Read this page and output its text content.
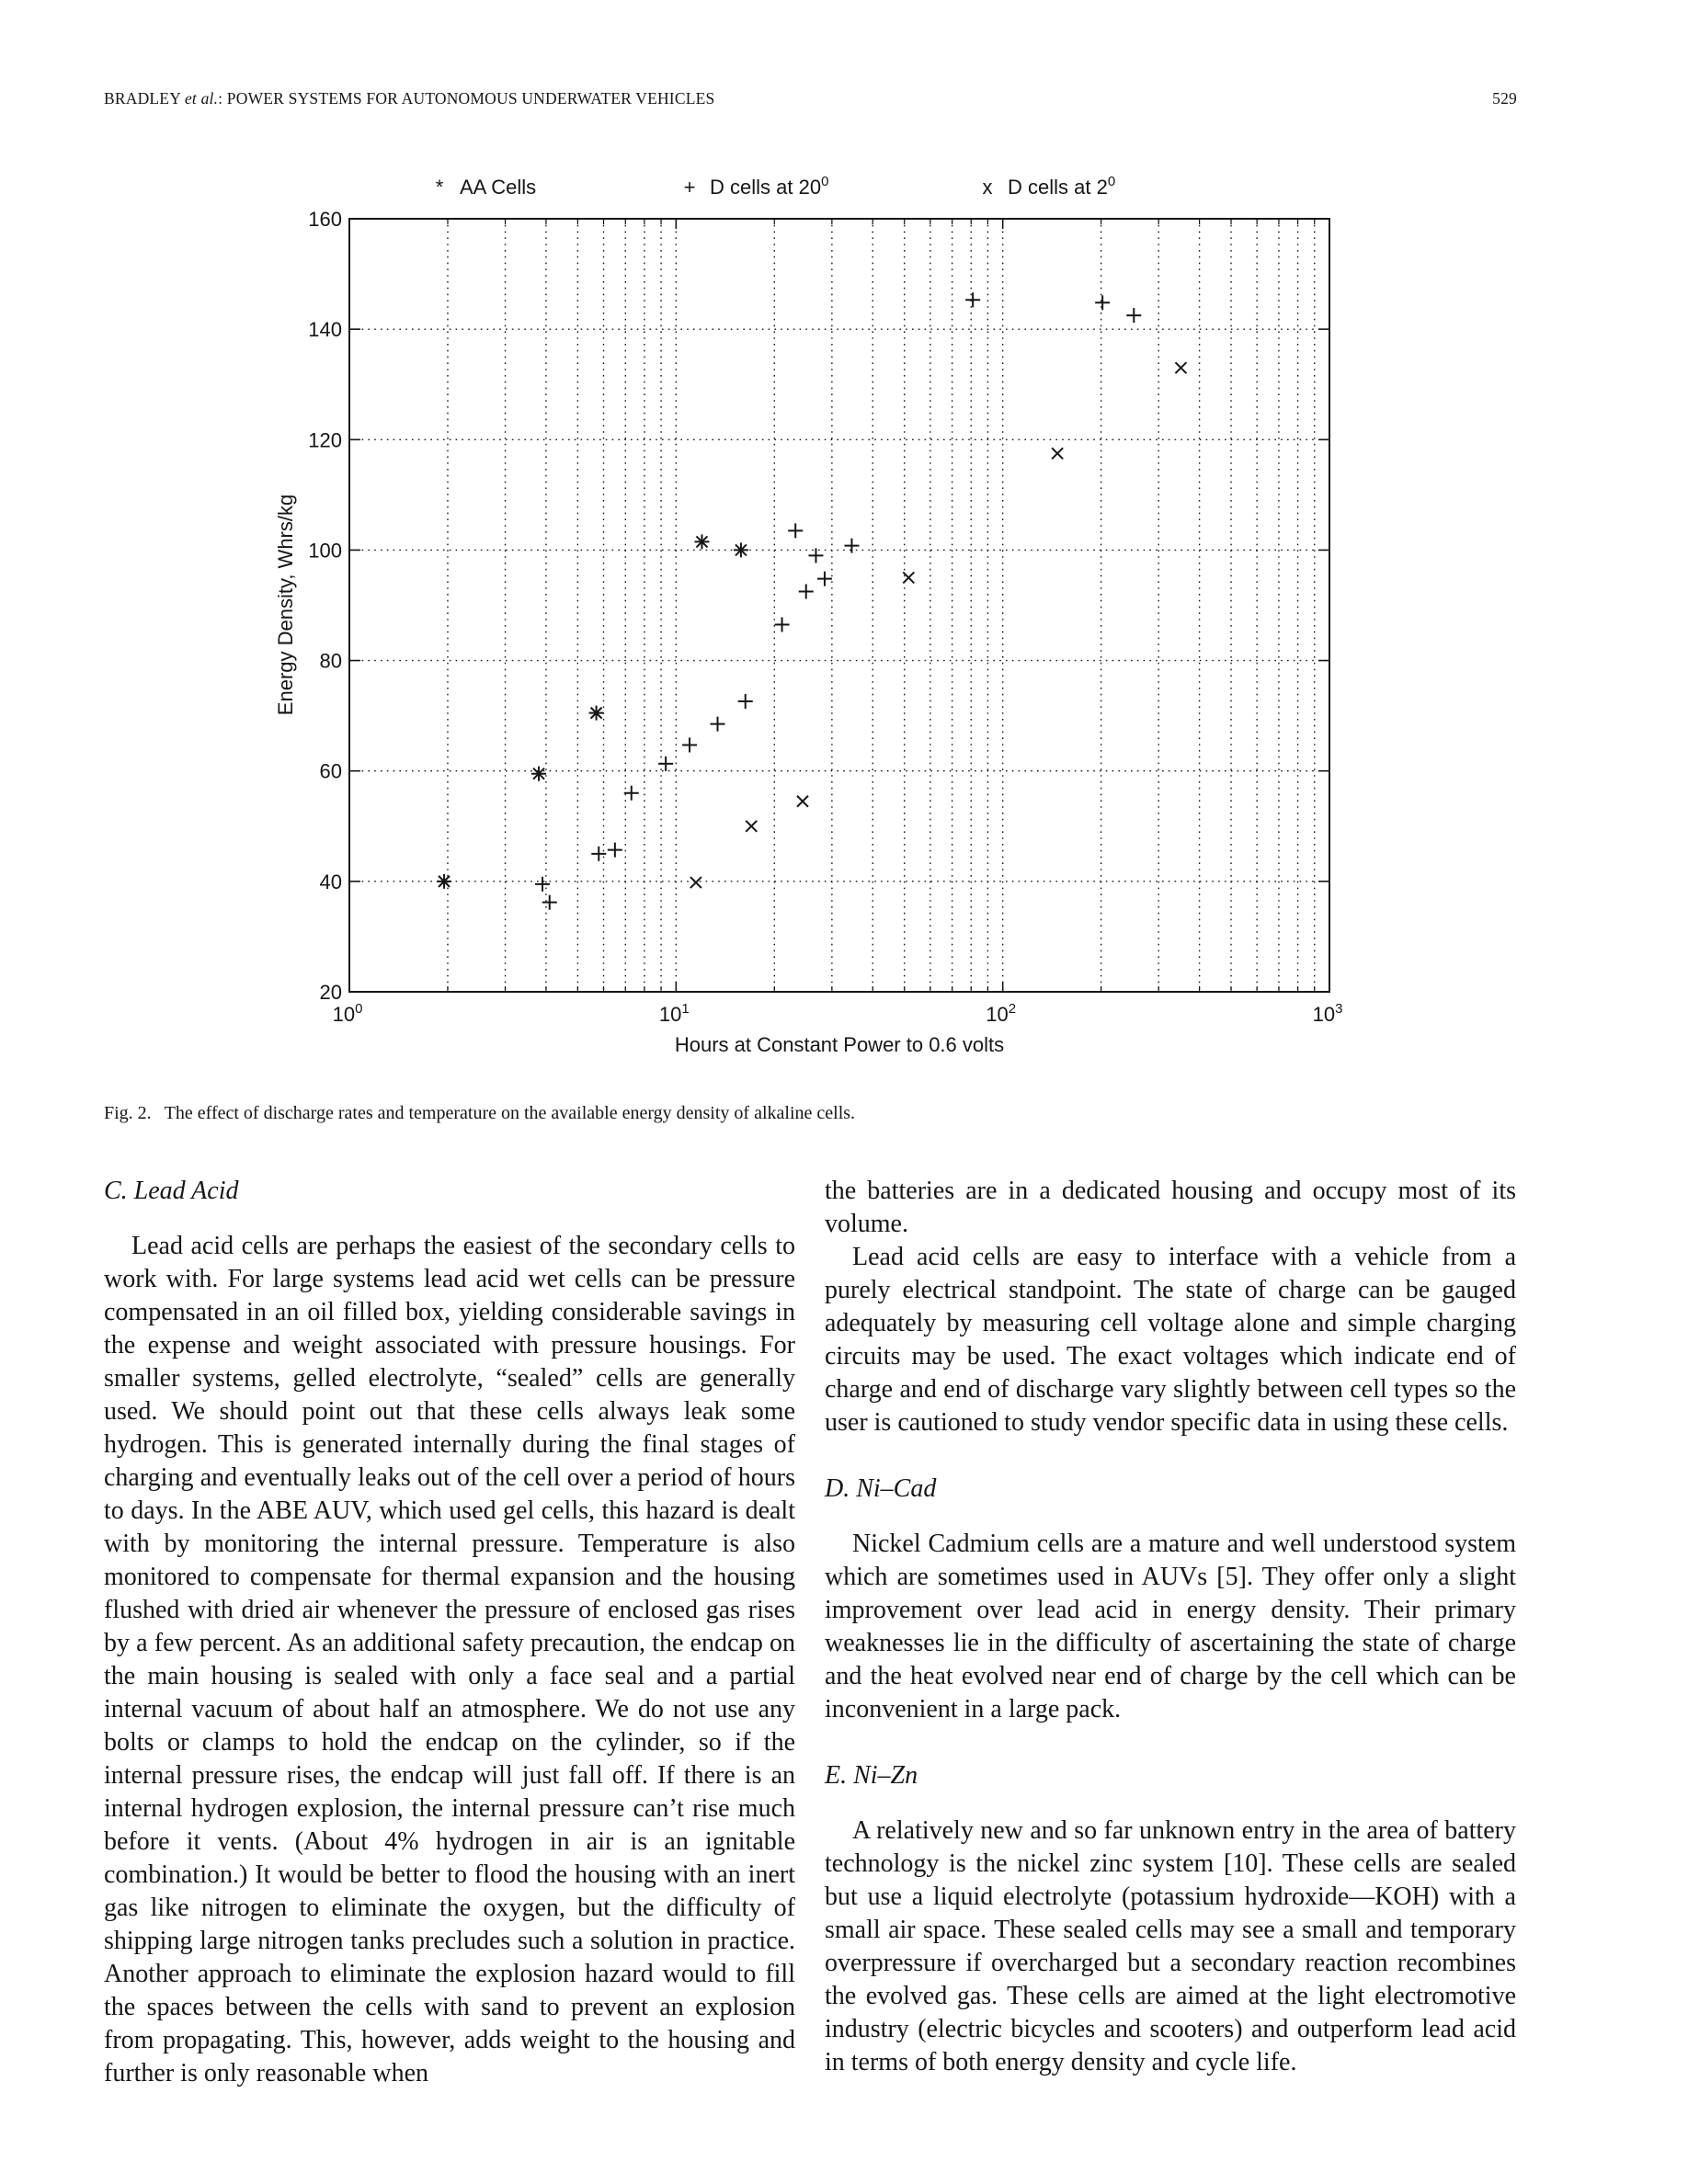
BRADLEY et al.: POWER SYSTEMS FOR AUTONOMOUS UNDERWATER VEHICLES	529
20
40
60
80
100
120
140
160
$10^0$	$10^1$	$10^2$	$10^3$
* AA Cells	+ D cells at $20^0$	x D cells at $2^0$
Hours at Constant Power to 0.6 volts
Energy Density, Whrs/kg
Fig. 2. The effect of discharge rates and temperature on the available energy density of alkaline cells.
C. Lead Acid

Lead acid cells are perhaps the easiest of the secondary cells to work with. For large systems lead acid wet cells can be pressure compensated in an oil filled box, yielding considerable savings in the expense and weight associated with pressure housings. For smaller systems, gelled electrolyte, “sealed” cells are generally used. We should point out that these cells always leak some hydrogen. This is generated internally during the final stages of charging and eventually leaks out of the cell over a period of hours to days. In the ABE AUV, which used gel cells, this hazard is dealt with by monitoring the internal pressure. Temperature is also monitored to compensate for thermal expansion and the housing flushed with dried air whenever the pressure of enclosed gas rises by a few percent. As an additional safety precaution, the endcap on the main housing is sealed with only a face seal and a partial internal vacuum of about half an atmosphere. We do not use any bolts or clamps to hold the endcap on the cylinder, so if the internal pressure rises, the endcap will just fall off. If there is an internal hydrogen explosion, the internal pressure can’t rise much before it vents. (About 4% hydrogen in air is an ignitable combination.) It would be better to flood the housing with an inert gas like nitrogen to eliminate the oxygen, but the difficulty of shipping large nitrogen tanks precludes such a solution in practice. Another approach to eliminate the explosion hazard would to fill the spaces between the cells with sand to prevent an explosion from propagating. This, however, adds weight to the housing and further is only reasonable when

the batteries are in a dedicated housing and occupy most of its volume.

Lead acid cells are easy to interface with a vehicle from a purely electrical standpoint. The state of charge can be gauged adequately by measuring cell voltage alone and simple charging circuits may be used. The exact voltages which indicate end of charge and end of discharge vary slightly between cell types so the user is cautioned to study vendor specific data in using these cells.

D. Ni–Cad

Nickel Cadmium cells are a mature and well understood system which are sometimes used in AUVs [5]. They offer only a slight improvement over lead acid in energy density. Their primary weaknesses lie in the difficulty of ascertaining the state of charge and the heat evolved near end of charge by the cell which can be inconvenient in a large pack.

E. Ni–Zn

A relatively new and so far unknown entry in the area of battery technology is the nickel zinc system [10]. These cells are sealed but use a liquid electrolyte (potassium hydroxide—KOH) with a small air space. These sealed cells may see a small and temporary overpressure if overcharged but a secondary reaction recombines the evolved gas. These cells are aimed at the light electromotive industry (electric bicycles and scooters) and outperform lead acid in terms of both energy density and cycle life.
